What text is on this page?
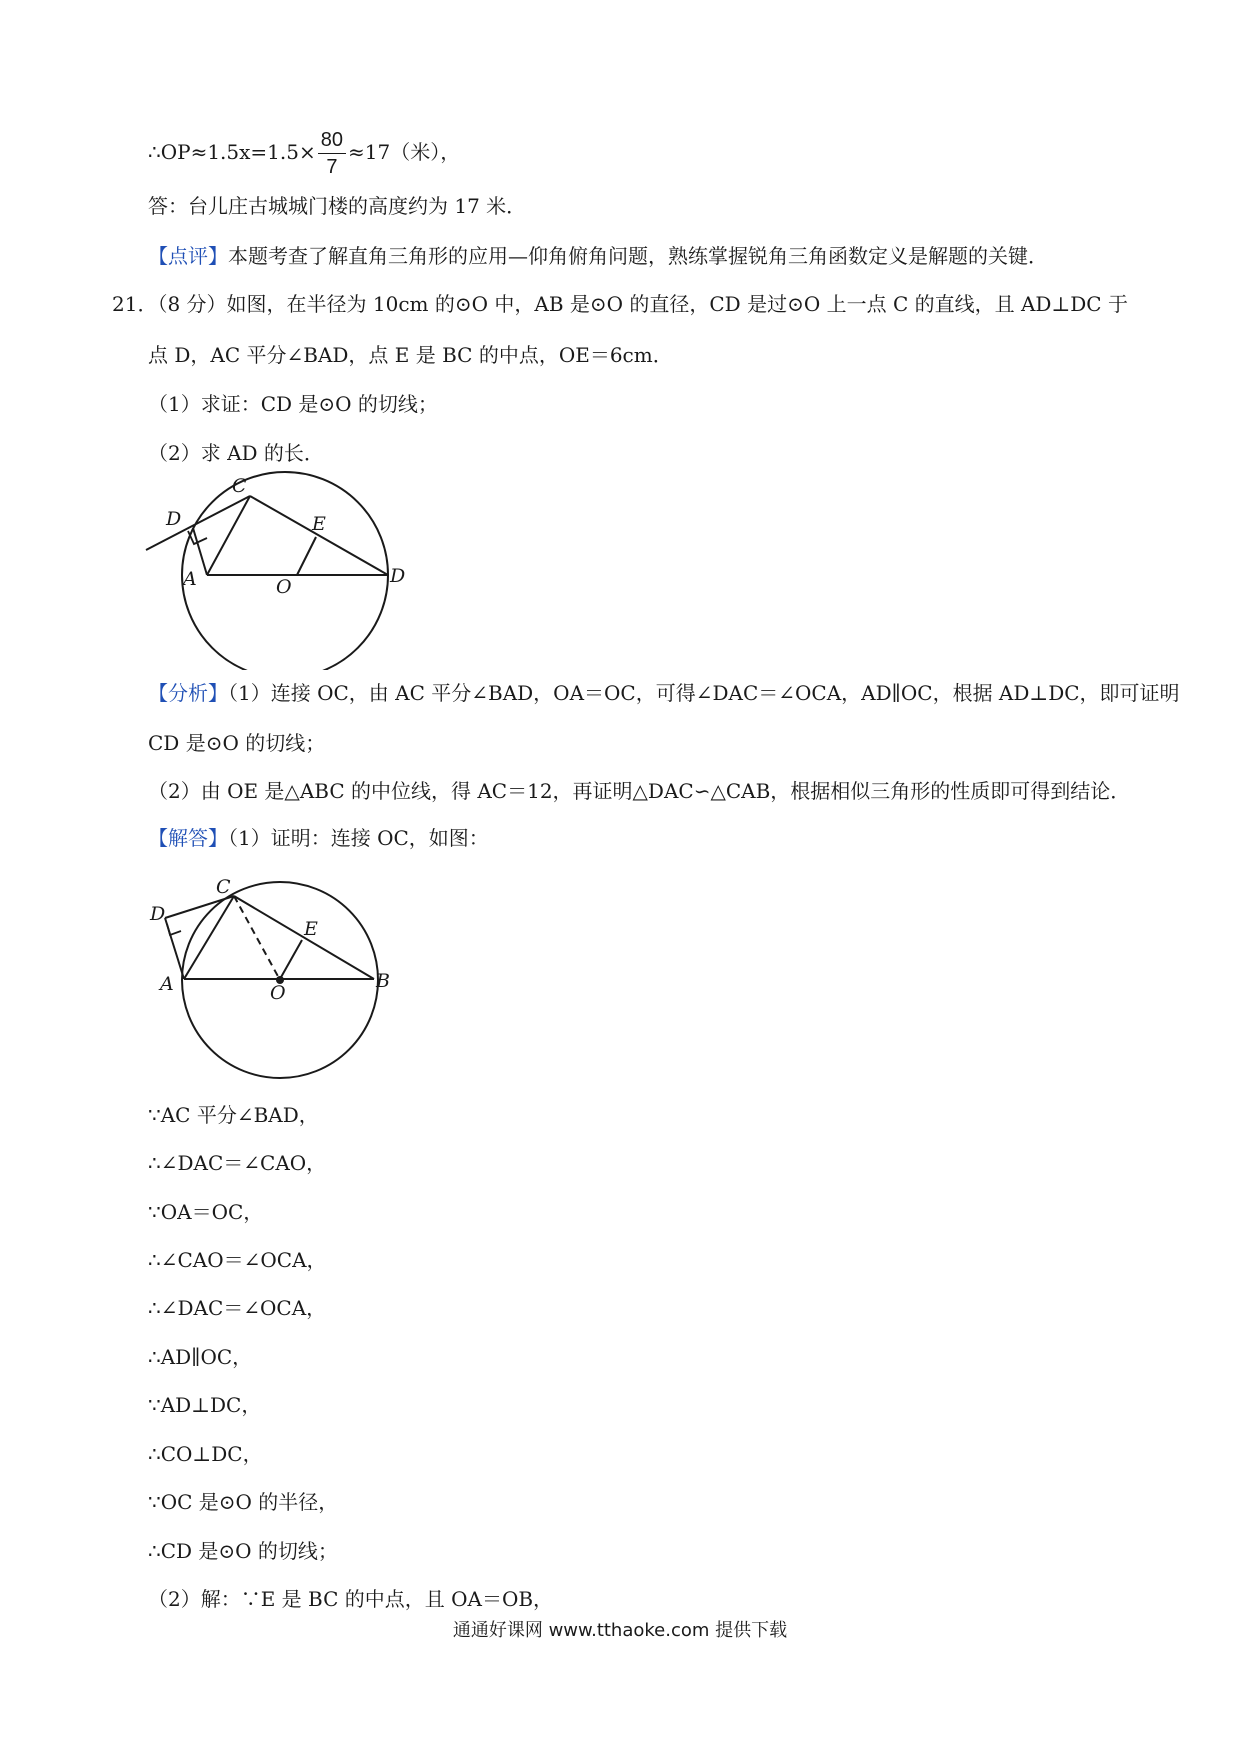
∴OP≈1.5x=1.5× $\frac{80}{7} \approx 17$（米），
答：台儿庄古城城门楼的高度约为 17 米．
【点评】本题考查了解直角三角形的应用—仰角俯角问题，熟练掌握锐角三角函数定义是解题的关键．
21．（8 分）如图，在半径为 10cm 的⊙O 中，AB 是⊙O 的直径，CD 是过⊙O 上一点 C 的直线，且 AD⊥DC 于
点 D，AC 平分∠BAD，点 E 是 BC 的中点，OE＝6cm．
（1）求证：CD 是⊙O 的切线；
（2）求 AD 的长．
C
D	E
A	O	D
【分析】（1）连接 OC，由 AC 平分∠BAD，OA＝OC，可得∠DAC＝∠OCA，AD∥OC，根据 AD⊥DC，即可证明
CD 是⊙O 的切线；
（2）由 OE 是△ABC 的中位线，得 AC＝12，再证明△DAC∽△CAB，根据相似三角形的性质即可得到结论．
【解答】（1）证明：连接 OC，如图：
C
D
E
A	O
B
∵AC 平分∠BAD，
∴∠DAC＝∠CAO，
∵OA＝OC，
∴∠CAO＝∠OCA，
∴∠DAC＝∠OCA，
∴AD∥OC，
∵AD⊥DC，
∴CO⊥DC，
∵OC 是⊙O 的半径，
∴CD 是⊙O 的切线；
（2）解：∵E 是 BC 的中点，且 OA＝OB，
通通好课网 www.tthaoke.com 提供下载
